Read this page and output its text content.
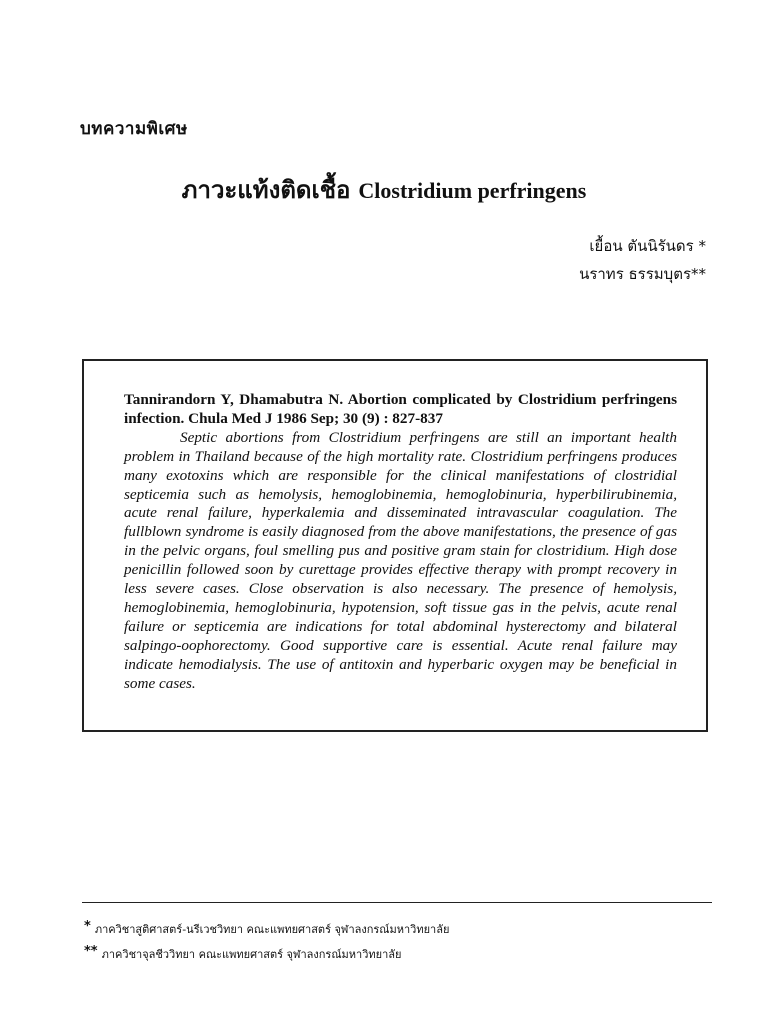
บทความพิเศษ
ภาวะแท้งติดเชื้อ Clostridium perfringens
เยื้อน ตันนิรันดร *
นราทร ธรรมบุตร**
Tannirandorn Y, Dhamabutra N. Abortion complicated by Clostridium perfringens infection. Chula Med J 1986 Sep; 30 (9) : 827-837
Septic abortions from Clostridium perfringens are still an important health problem in Thailand because of the high mortality rate. Clostridium perfringens produces many exotoxins which are responsible for the clinical manifestations of clostridial septicemia such as hemolysis, hemoglobinemia, hemoglobinuria, hyperbilirubinemia, acute renal failure, hyperkalemia and disseminated intravascular coagulation. The fullblown syndrome is easily diagnosed from the above manifestations, the presence of gas in the pelvic organs, foul smelling pus and positive gram stain for clostridium. High dose penicillin followed soon by curettage provides effective therapy with prompt recovery in less severe cases. Close observation is also necessary. The presence of hemolysis, hemoglobinemia, hemoglobinuria, hypotension, soft tissue gas in the pelvis, acute renal failure or septicemia are indications for total abdominal hysterectomy and bilateral salpingo-oophorectomy. Good supportive care is essential. Acute renal failure may indicate hemodialysis. The use of antitoxin and hyperbaric oxygen may be beneficial in some cases.
* ภาควิชาสูติศาสตร์-นรีเวชวิทยา คณะแพทยศาสตร์ จุฬาลงกรณ์มหาวิทยาลัย
** ภาควิชาจุลชีววิทยา คณะแพทยศาสตร์ จุฬาลงกรณ์มหาวิทยาลัย
